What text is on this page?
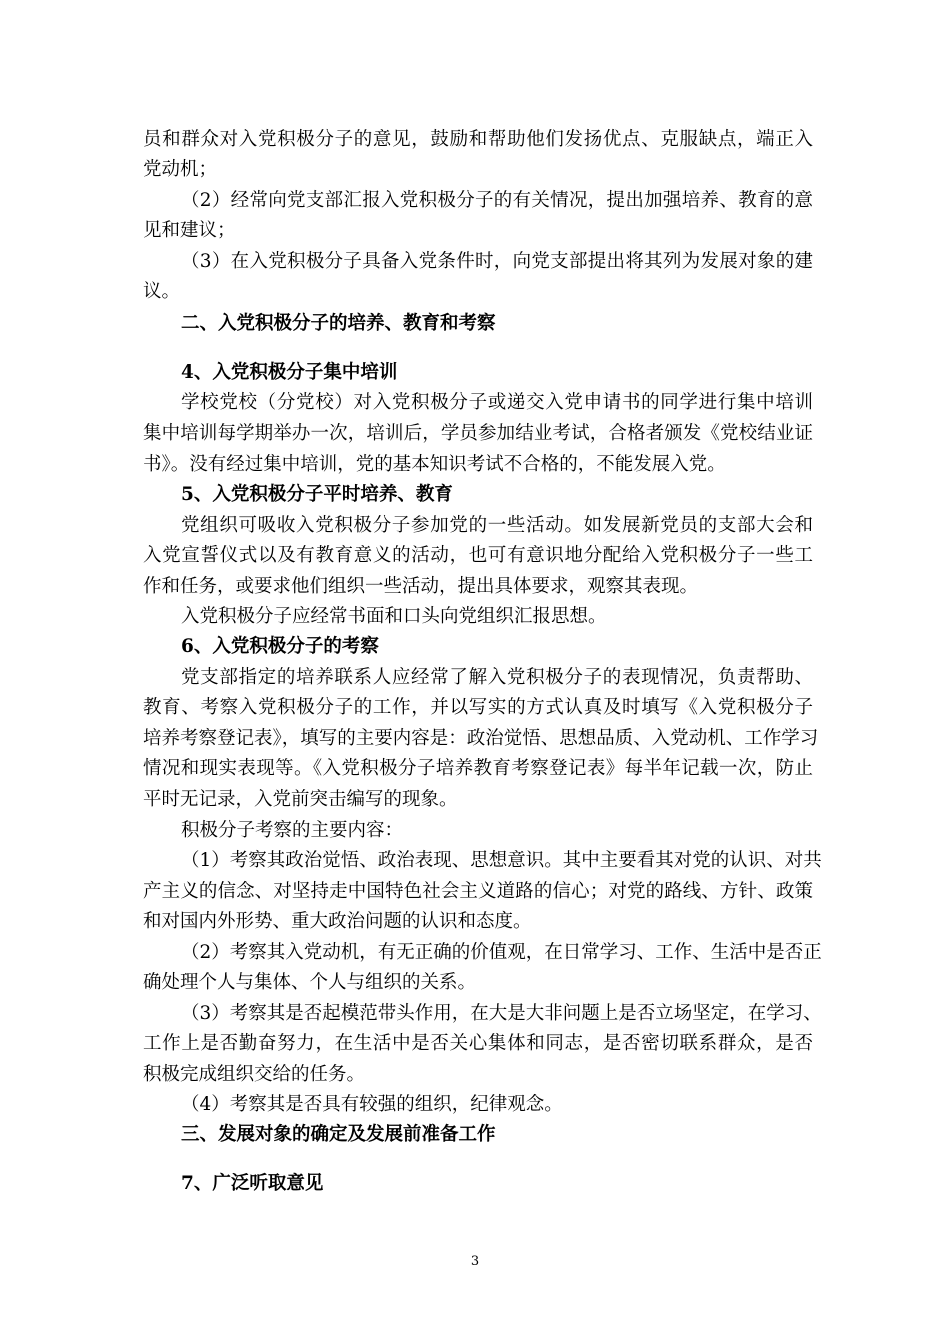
员和群众对入党积极分子的意见，鼓励和帮助他们发扬优点、克服缺点，端正入
党动机；
（2）经常向党支部汇报入党积极分子的有关情况，提出加强培养、教育的意
见和建议；
（3）在入党积极分子具备入党条件时，向党支部提出将其列为发展对象的建
议。
二、入党积极分子的培养、教育和考察
4、入党积极分子集中培训
学校党校（分党校）对入党积极分子或递交入党申请书的同学进行集中培训
集中培训每学期举办一次，培训后，学员参加结业考试，合格者颁发《党校结业证
书》。没有经过集中培训，党的基本知识考试不合格的，不能发展入党。
5、入党积极分子平时培养、教育
党组织可吸收入党积极分子参加党的一些活动。如发展新党员的支部大会和
入党宣誓仪式以及有教育意义的活动，也可有意识地分配给入党积极分子一些工
作和任务，或要求他们组织一些活动，提出具体要求，观察其表现。
入党积极分子应经常书面和口头向党组织汇报思想。
6、入党积极分子的考察
党支部指定的培养联系人应经常了解入党积极分子的表现情况，负责帮助、
教育、考察入党积极分子的工作，并以写实的方式认真及时填写《入党积极分子
培养考察登记表》，填写的主要内容是：政治觉悟、思想品质、入党动机、工作学习
情况和现实表现等。《入党积极分子培养教育考察登记表》每半年记载一次，防止
平时无记录，入党前突击编写的现象。
积极分子考察的主要内容：
（1）考察其政治觉悟、政治表现、思想意识。其中主要看其对党的认识、对共
产主义的信念、对坚持走中国特色社会主义道路的信心；对党的路线、方针、政策
和对国内外形势、重大政治问题的认识和态度。
（2）考察其入党动机，有无正确的价值观，在日常学习、工作、生活中是否正
确处理个人与集体、个人与组织的关系。
（3）考察其是否起模范带头作用，在大是大非问题上是否立场坚定，在学习、
工作上是否勤奋努力，在生活中是否关心集体和同志，是否密切联系群众，是否
积极完成组织交给的任务。
（4）考察其是否具有较强的组织，纪律观念。
三、发展对象的确定及发展前准备工作
7、广泛听取意见
3
